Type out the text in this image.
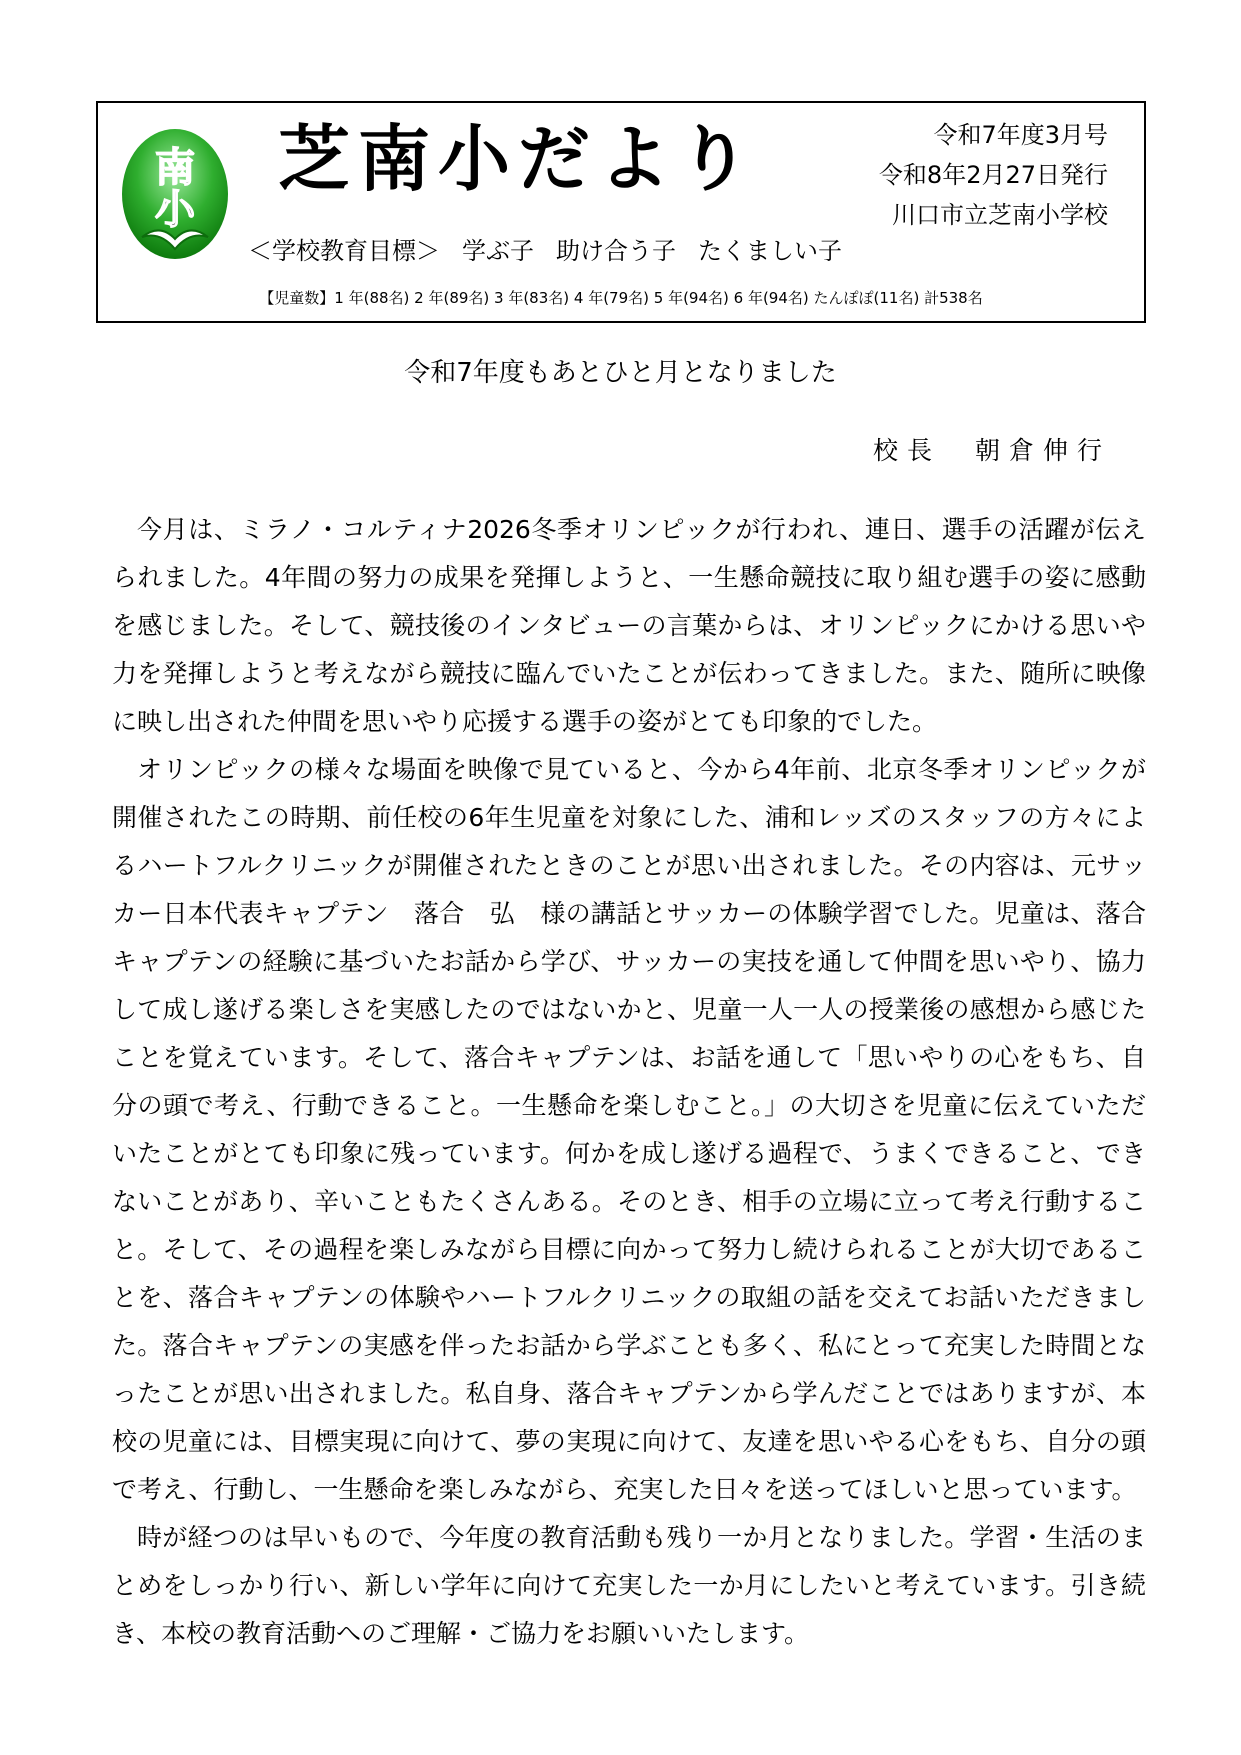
南
小
芝南小だより	令和7年度3月号
令和8年2月27日発行
川口市立芝南小学校
＜学校教育目標＞ 学ぶ子 助け合う子 たくましい子
【児童数】1 年(88名) 2 年(89名) 3 年(83名) 4 年(79名) 5 年(94名) 6 年(94名) たんぽぽ(11名) 計538名
令和7年度もあとひと月となりました
校長　朝倉伸行

今月は、ミラノ・コルティナ2026冬季オリンピックが行われ、連日、選手の活躍が伝えられました。4年間の努力の成果を発揮しようと、一生懸命競技に取り組む選手の姿に感動を感じました。そして、競技後のインタビューの言葉からは、オリンピックにかける思いや力を発揮しようと考えながら競技に臨んでいたことが伝わってきました。また、随所に映像に映し出された仲間を思いやり応援する選手の姿がとても印象的でした。

オリンピックの様々な場面を映像で見ていると、今から4年前、北京冬季オリンピックが開催されたこの時期、前任校の6年生児童を対象にした、浦和レッズのスタッフの方々によるハートフルクリニックが開催されたときのことが思い出されました。その内容は、元サッカー日本代表キャプテン　落合　弘　様の講話とサッカーの体験学習でした。児童は、落合キャプテンの経験に基づいたお話から学び、サッカーの実技を通して仲間を思いやり、協力して成し遂げる楽しさを実感したのではないかと、児童一人一人の授業後の感想から感じたことを覚えています。そして、落合キャプテンは、お話を通して「思いやりの心をもち、自分の頭で考え、行動できること。一生懸命を楽しむこと。」の大切さを児童に伝えていただいたことがとても印象に残っています。何かを成し遂げる過程で、うまくできること、できないことがあり、辛いこともたくさんある。そのとき、相手の立場に立って考え行動すること。そして、その過程を楽しみながら目標に向かって努力し続けられることが大切であることを、落合キャプテンの体験やハートフルクリニックの取組の話を交えてお話いただきました。落合キャプテンの実感を伴ったお話から学ぶことも多く、私にとって充実した時間となったことが思い出されました。私自身、落合キャプテンから学んだことではありますが、本校の児童には、目標実現に向けて、夢の実現に向けて、友達を思いやる心をもち、自分の頭で考え、行動し、一生懸命を楽しみながら、充実した日々を送ってほしいと思っています。

時が経つのは早いもので、今年度の教育活動も残り一か月となりました。学習・生活のまとめをしっかり行い、新しい学年に向けて充実した一か月にしたいと考えています。引き続き、本校の教育活動へのご理解・ご協力をお願いいたします。
